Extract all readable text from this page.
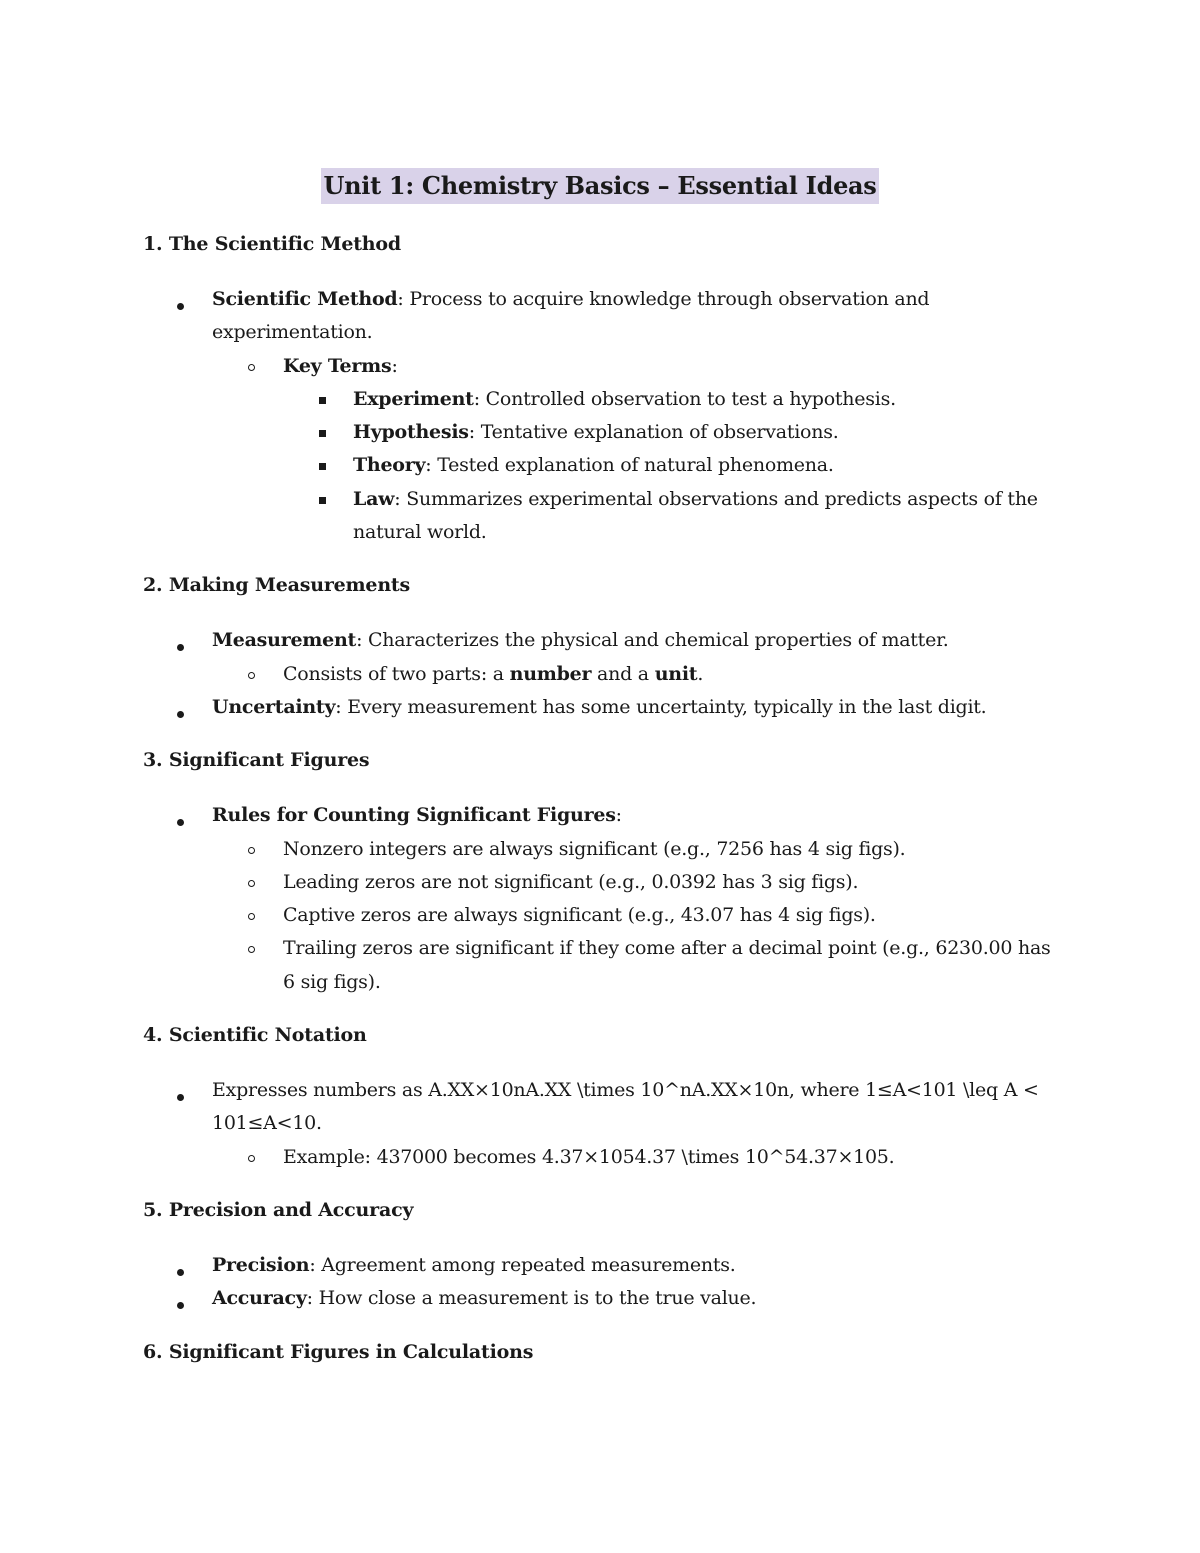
Unit 1: Chemistry Basics – Essential Ideas
1. The Scientific Method
Scientific Method: Process to acquire knowledge through observation and experimentation.
Key Terms:
Experiment: Controlled observation to test a hypothesis.
Hypothesis: Tentative explanation of observations.
Theory: Tested explanation of natural phenomena.
Law: Summarizes experimental observations and predicts aspects of the natural world.
2. Making Measurements
Measurement: Characterizes the physical and chemical properties of matter.
Consists of two parts: a number and a unit.
Uncertainty: Every measurement has some uncertainty, typically in the last digit.
3. Significant Figures
Rules for Counting Significant Figures:
Nonzero integers are always significant (e.g., 7256 has 4 sig figs).
Leading zeros are not significant (e.g., 0.0392 has 3 sig figs).
Captive zeros are always significant (e.g., 43.07 has 4 sig figs).
Trailing zeros are significant if they come after a decimal point (e.g., 6230.00 has 6 sig figs).
4. Scientific Notation
Expresses numbers as A.XX×10nA.XX \times 10^nA.XX×10n, where 1≤A<101 \leq A < 101≤A<10.
Example: 437000 becomes 4.37×1054.37 \times 10^54.37×105.
5. Precision and Accuracy
Precision: Agreement among repeated measurements.
Accuracy: How close a measurement is to the true value.
6. Significant Figures in Calculations
